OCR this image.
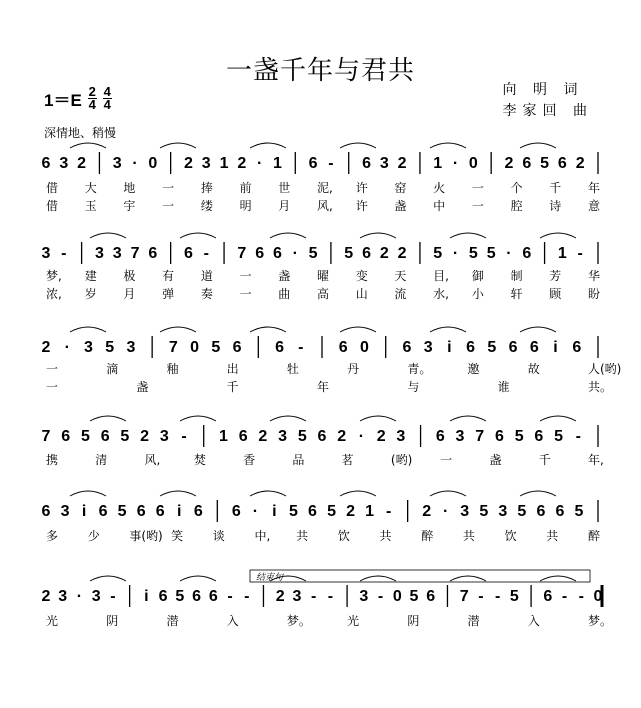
一盏千年与君共
向 明 词
李家回 曲
$1=E \frac{2}{4} \frac{4}{4}$
深情地、稍慢
6 3 2 3 · 0 2 3 1 2 · 1 6 - 6 3 2 1 · 0 2 6 5 6 2
借 大 地 一 捧 前 世 泥, 许 窑 火 一 个 千 年
借 玉 宇 一 缕 明 月 风, 许 盏 中 一 腔 诗 意
3 - 3 3 7 6 6 - 7 6 6 · 5 5 6 2 2 5 · 5 5 · 6 1 -
梦, 建 极 有 道 一 盏 曜 变 天 目, 御 制 芳 华
浓, 岁 月 弹 奏 一 曲 高 山 流 水, 小 轩 顾 盼
2 · 3 5 3 7 0 5 6 6 - 6 0 6 3 i 6 5 6 6 i 6
一	滴	釉	出	牡	丹	青。	邀	故	人(哟)
一	盏	千	年	与	谁	共。
7 6 5 6 5 2 3 - 1 6 2 3 5 6 2 · 2 3 6 3 7 6 5 6 5 -
携	清	风,	焚	香	品	茗	(哟) 一	盏	千	年,
6 3 i 6 5 6 6 i 6 6 · i 5 6 5 2 1 - 2 · 3 5 3 5 6 6 5
多 少 事(哟) 笑 谈 中, 共 饮 共 醉 共 饮 共 醉
2 3 · 3 - i 6 5 6 6 - - 2 3 - - 3 - 0 5 6 7 - - 5 6 - - 0
光	阴	潜	入	梦。	光	阴	潜	入	梦。
结束句
